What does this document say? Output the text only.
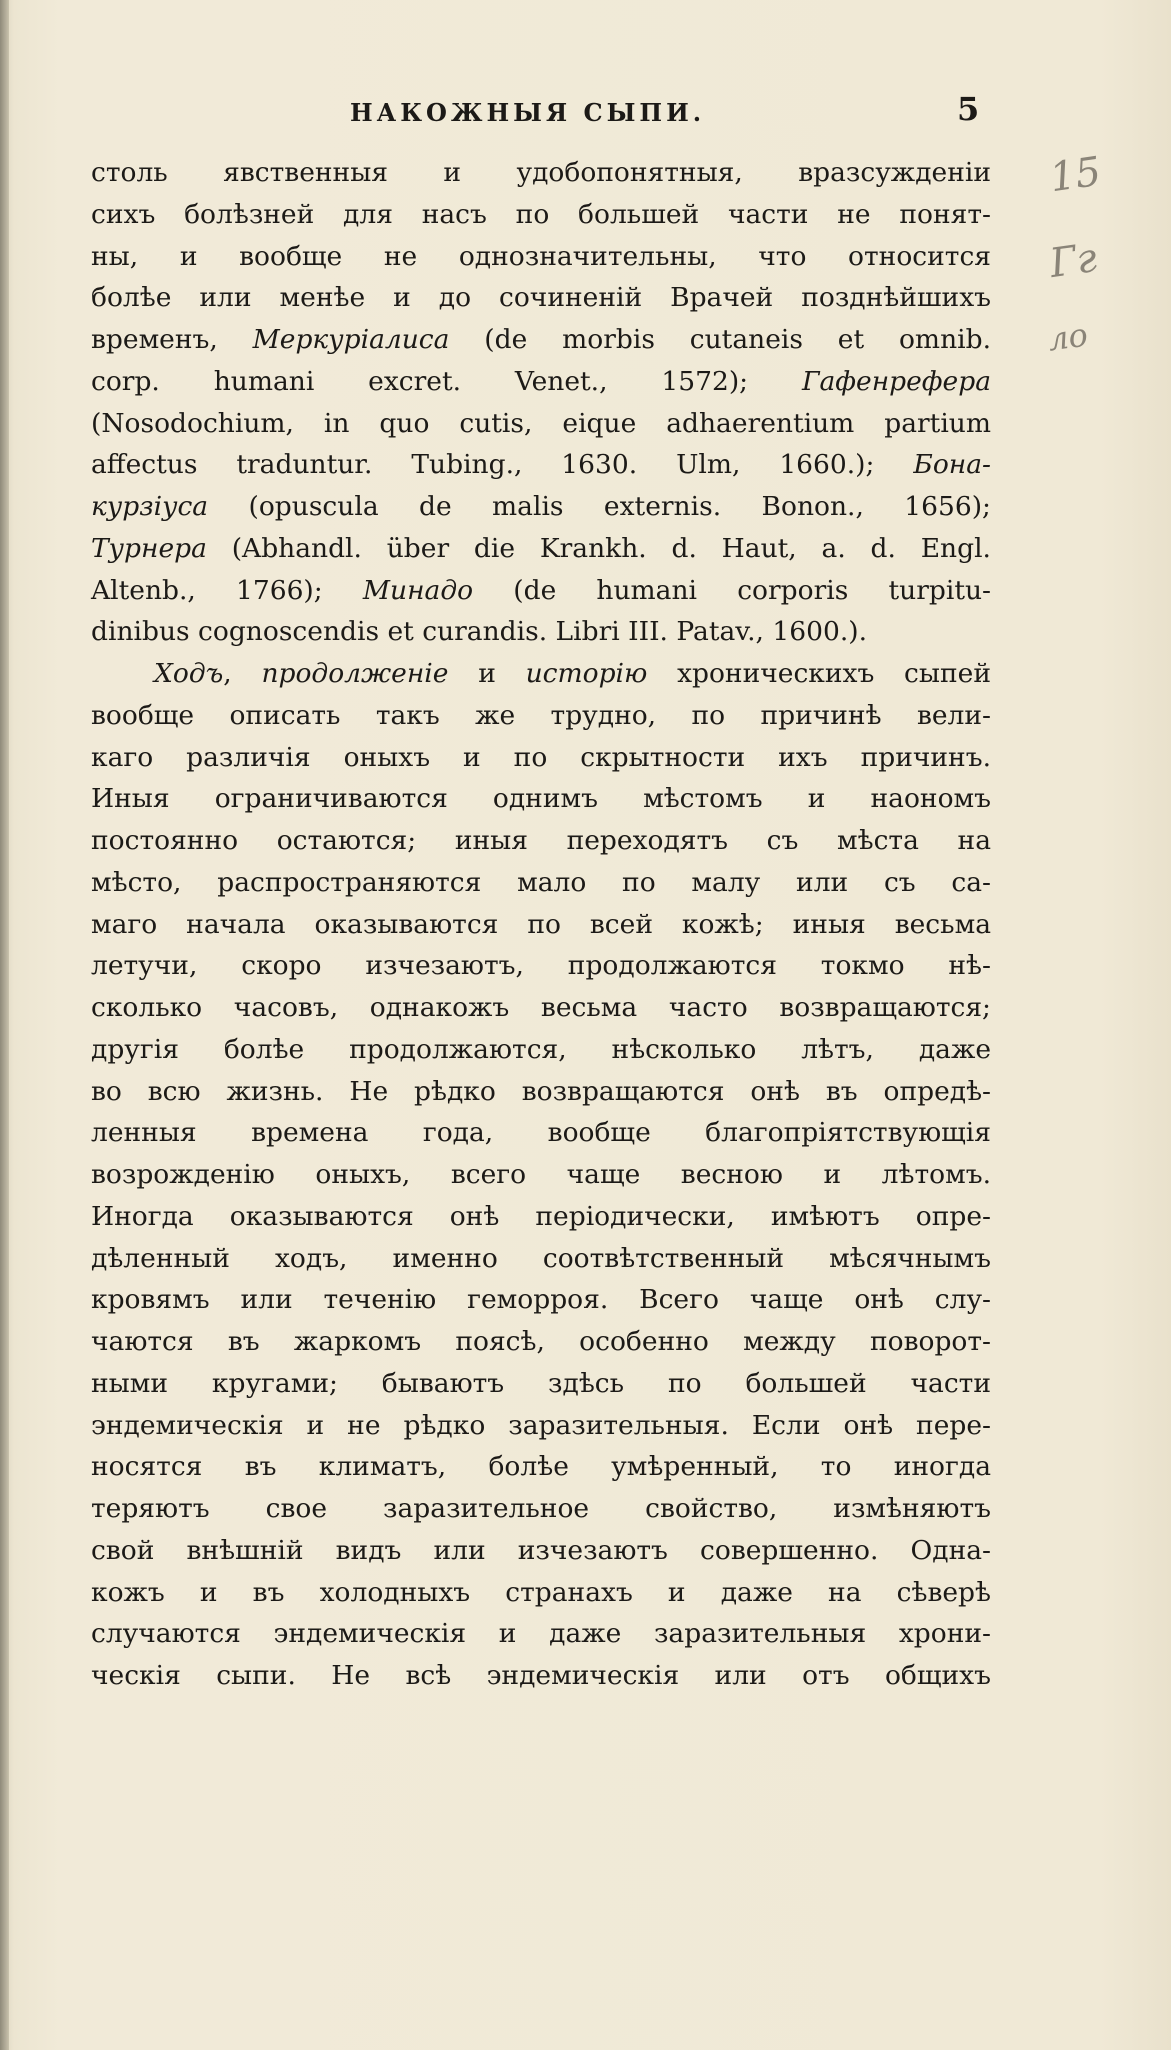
НАКОЖНЫЯ СЫПИ.	5
15
Гг
ло
столь явственныя и удобопонятныя, вразсужденіи
сихъ болѣзней для насъ по большей части не понят-
ны, и вообще не однозначительны, что относится
болѣе или менѣе и до сочиненій Врачей позднѣйшихъ
временъ, Меркуріалиса (de morbis cutaneis et omnib.
corp. humani excret. Venet., 1572); Гафенрефера
(Nosodochium, in quo cutis, eique adhaerentium partium
affectus traduntur. Tubing., 1630. Ulm, 1660.); Бона-
курзіуса (opuscula de malis externis. Bonon., 1656);
Турнера (Abhandl. über die Krankh. d. Haut, a. d. Engl.
Altenb., 1766); Минадо (de humani corporis turpitu-
dinibus cognoscendis et curandis. Libri III. Patav., 1600.).
Ходъ, продолженіе и исторію хроническихъ сыпей
вообще описать такъ же трудно, по причинѣ вели-
каго различія оныхъ и по скрытности ихъ причинъ.
Иныя ограничиваются однимъ мѣстомъ и наономъ
постоянно остаются; иныя переходятъ съ мѣста на
мѣсто, распространяются мало по малу или съ са-
маго начала оказываются по всей кожѣ; иныя весьма
летучи, скоро изчезаютъ, продолжаются токмо нѣ-
сколько часовъ, однакожъ весьма часто возвращаются;
другія болѣе продолжаются, нѣсколько лѣтъ, даже
во всю жизнь. Не рѣдко возвращаются онѣ въ опредѣ-
ленныя времена года, вообще благопріятствующія
возрожденію оныхъ, всего чаще весною и лѣтомъ.
Иногда оказываются онѣ періодически, имѣютъ опре-
дѣленный ходъ, именно соотвѣтственный мѣсячнымъ
кровямъ или теченію геморроя. Всего чаще онѣ слу-
чаются въ жаркомъ поясѣ, особенно между поворот-
ными кругами; бываютъ здѣсь по большей части
эндемическія и не рѣдко заразительныя. Если онѣ пере-
носятся въ климатъ, болѣе умѣренный, то иногда
теряютъ свое заразительное свойство, измѣняютъ
свой внѣшній видъ или изчезаютъ совершенно. Одна-
кожъ и въ холодныхъ странахъ и даже на сѣверѣ
случаются эндемическія и даже заразительныя хрони-
ческія сыпи. Не всѣ эндемическія или отъ общихъ
